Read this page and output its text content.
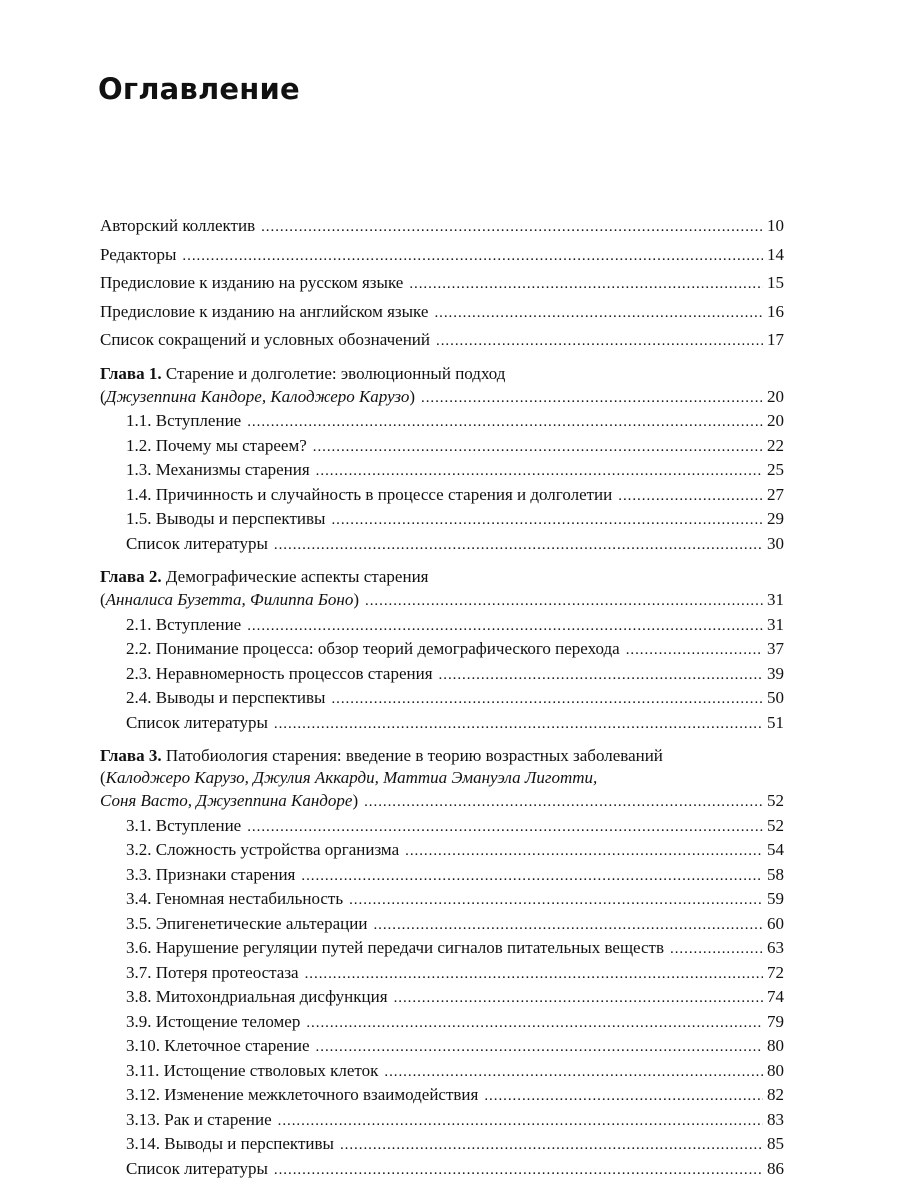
Оглавление
Авторский коллектив . . .	10
Редакторы . . .	14
Предисловие к изданию на русском языке . . .	15
Предисловие к изданию на английском языке . . .	16
Список сокращений и условных обозначений . . .	17
Глава 1. Старение и долголетие: эволюционный подход
(Джузеппина Кандоре, Калоджеро Карузо) . . .	20
1.1. Вступление . . .	20
1.2. Почему мы стареем? . . .	22
1.3. Механизмы старения . . .	25
1.4. Причинность и случайность в процессе старения и долголетии . . .	27
1.5. Выводы и перспективы . . .	29
Список литературы . . .	30
Глава 2. Демографические аспекты старения
(Анналиса Бузетта, Филиппа Боно) . . .	31
2.1. Вступление . . .	31
2.2. Понимание процесса: обзор теорий демографического перехода . . .	37
2.3. Неравномерность процессов старения . . .	39
2.4. Выводы и перспективы . . .	50
Список литературы . . .	51
Глава 3. Патобиология старения: введение в теорию возрастных заболеваний
(Калоджеро Карузо, Джулия Аккарди, Маттиа Эмануэла Лиготти,
Соня Васто, Джузеппина Кандоре) . . .	52
3.1. Вступление . . .	52
3.2. Сложность устройства организма . . .	54
3.3. Признаки старения . . .	58
3.4. Геномная нестабильность . . .	59
3.5. Эпигенетические альтерации . . .	60
3.6. Нарушение регуляции путей передачи сигналов питательных веществ . . .	63
3.7. Потеря протеостаза . . .	72
3.8. Митохондриальная дисфункция . . .	74
3.9. Истощение теломер . . .	79
3.10. Клеточное старение . . .	80
3.11. Истощение стволовых клеток . . .	80
3.12. Изменение межклеточного взаимодействия . . .	82
3.13. Рак и старение . . .	83
3.14. Выводы и перспективы . . .	85
Список литературы . . .	86
